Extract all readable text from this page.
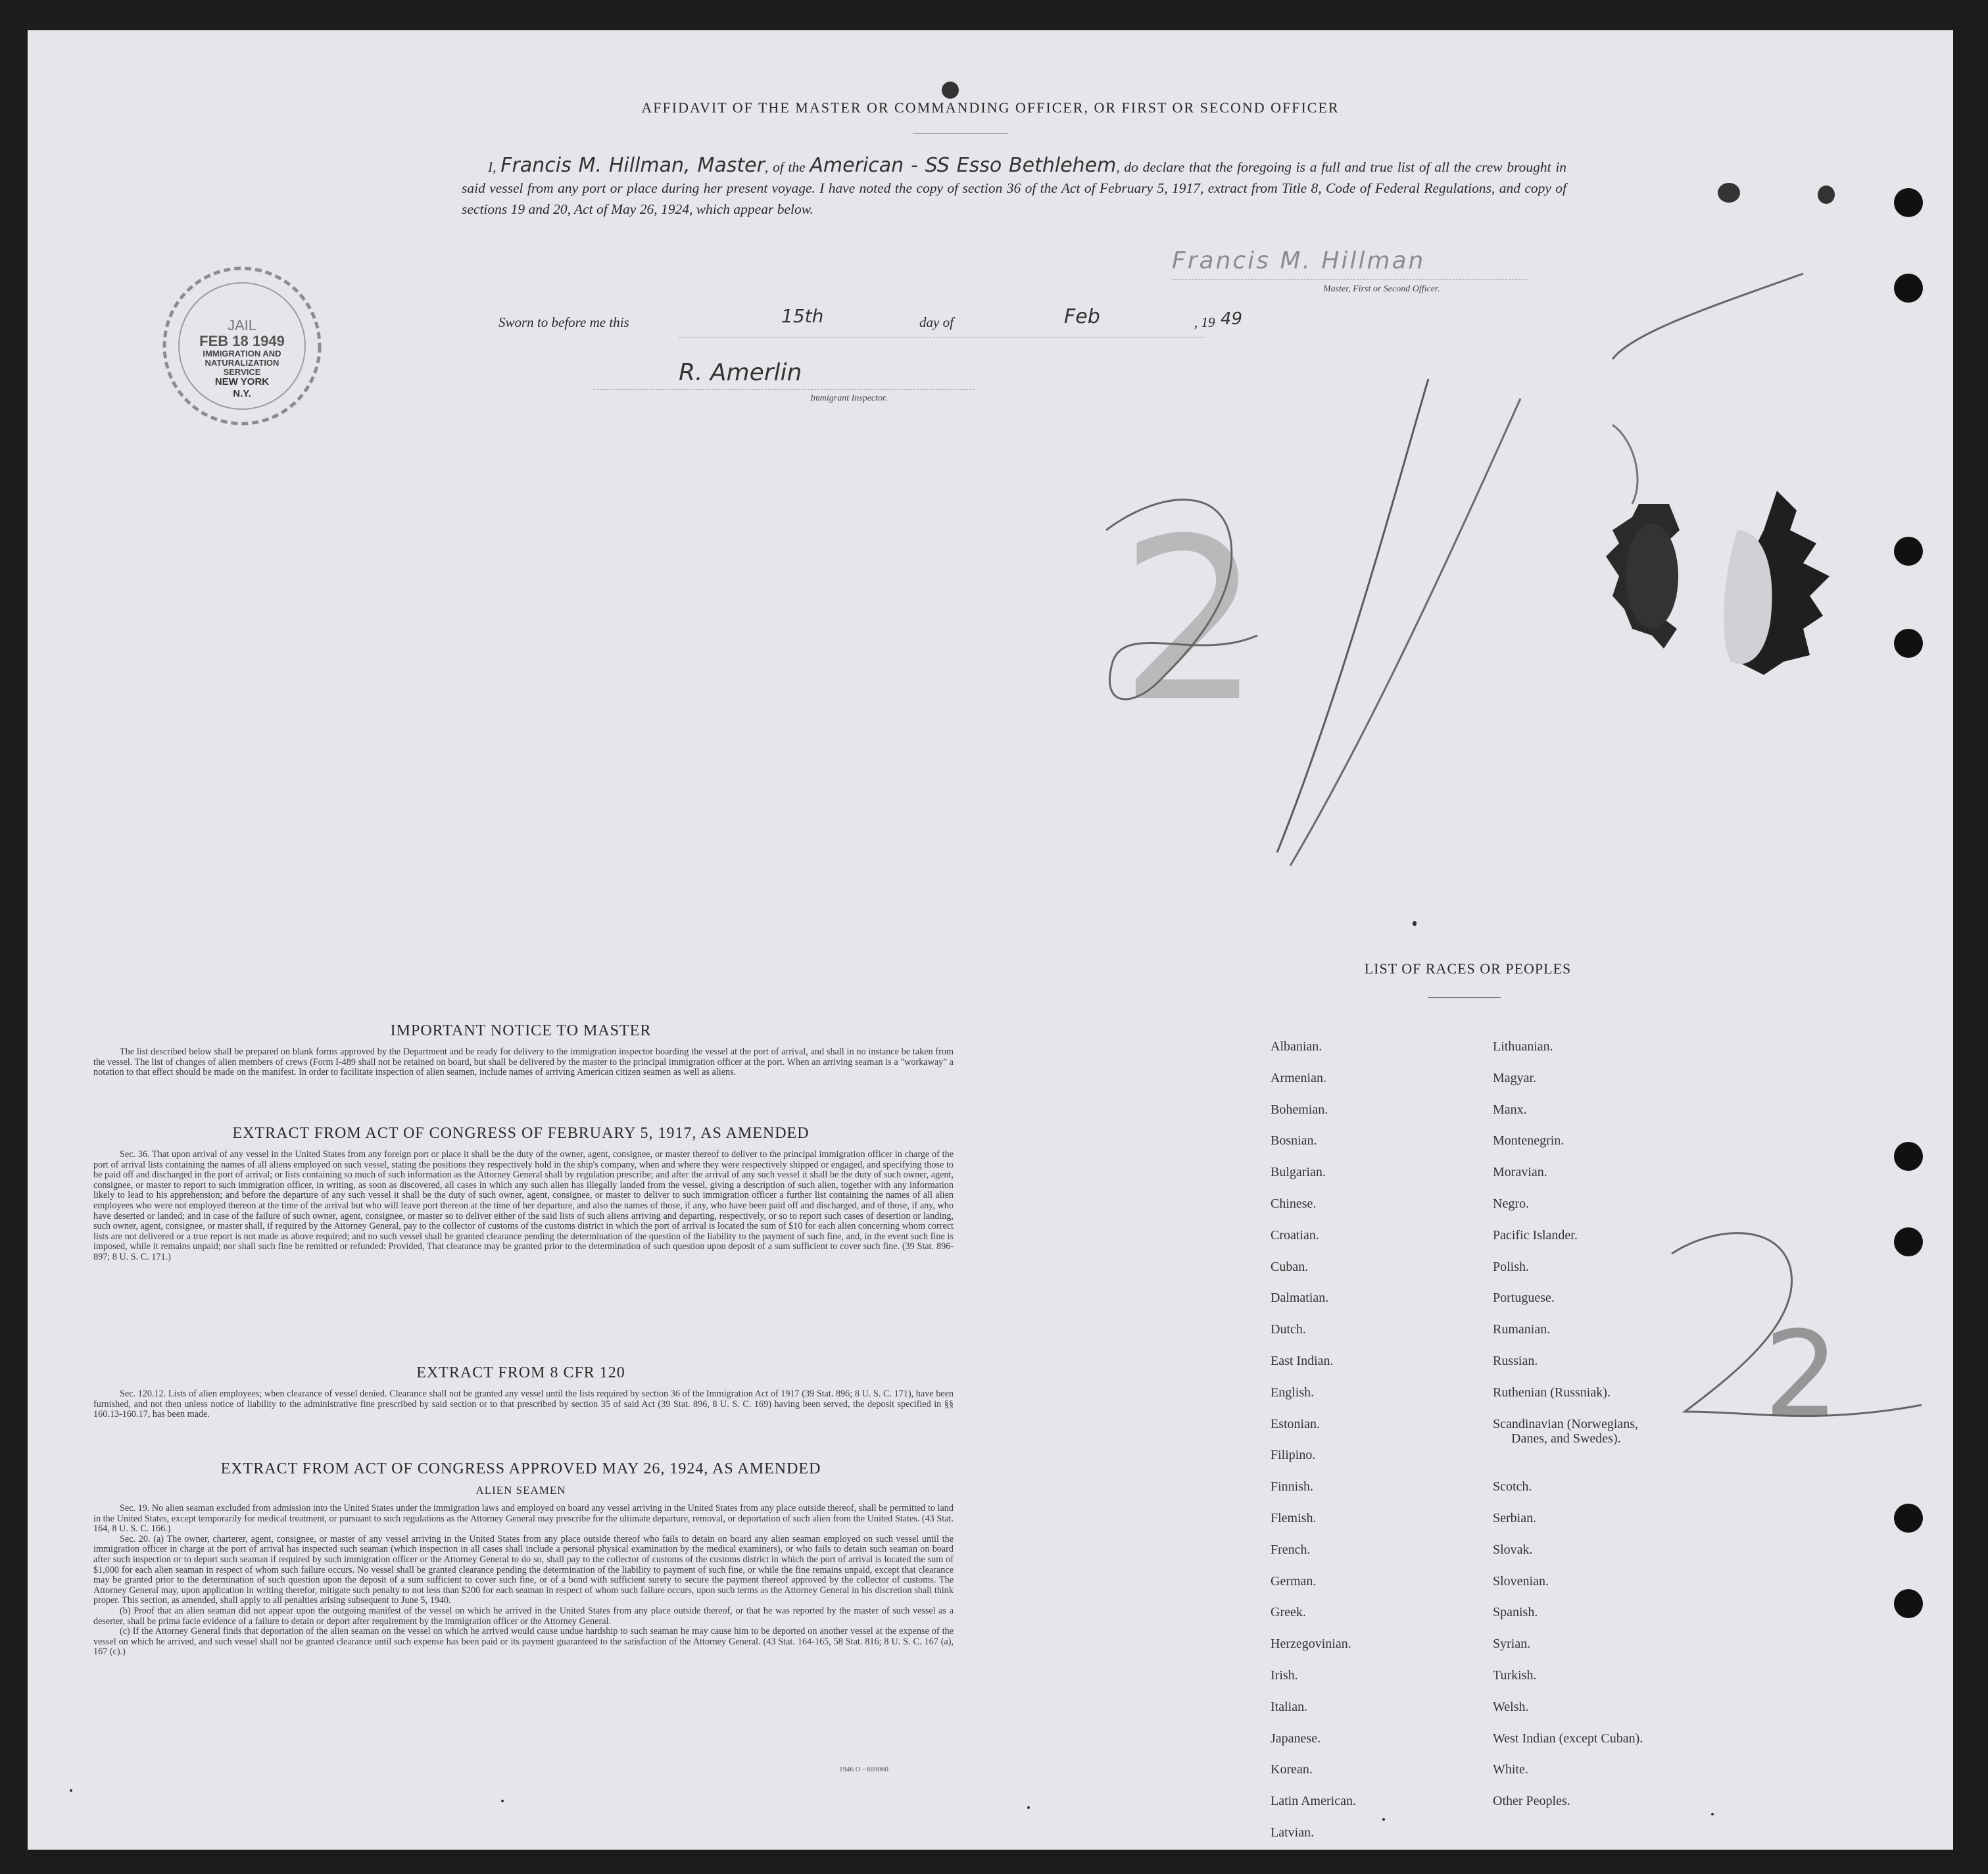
AFFIDAVIT OF THE MASTER OR COMMANDING OFFICER, OR FIRST OR SECOND OFFICER
I, Francis M. Hillman, Master, of the American - SS Esso Bethlehem, do declare that the foregoing is a full and true list of all the crew brought in said vessel from any port or place during her present voyage. I have noted the copy of section 36 of the Act of February 5, 1917, extract from Title 8, Code of Federal Regulations, and copy of sections 19 and 20, Act of May 26, 1924, which appear below.
Francis M. Hillman
Master, First or Second Officer.
Sworn to before me this	15th	day of	Feb	, 19 49
R. Amerlin
Immigrant Inspector.
JAIL
FEB 18 1949
IMMIGRATION AND
NATURALIZATION
SERVICE
NEW YORK
N.Y.
2
2
IMPORTANT NOTICE TO MASTER

The list described below shall be prepared on blank forms approved by the Department and be ready for delivery to the immigration inspector boarding the vessel at the port of arrival, and shall in no instance be taken from the vessel. The list of changes of alien members of crews (Form I-489 shall not be retained on board, but shall be delivered by the master to the principal immigration officer at the port. When an arriving seaman is a "workaway" a notation to that effect should be made on the manifest. In order to facilitate inspection of alien seamen, include names of arriving American citizen seamen as well as aliens.

EXTRACT FROM ACT OF CONGRESS OF FEBRUARY 5, 1917, AS AMENDED

Sec. 36. That upon arrival of any vessel in the United States from any foreign port or place it shall be the duty of the owner, agent, consignee, or master thereof to deliver to the principal immigration officer in charge of the port of arrival lists containing the names of all aliens employed on such vessel, stating the positions they respectively hold in the ship's company, when and where they were respectively shipped or engaged, and specifying those to be paid off and discharged in the port of arrival; or lists containing so much of such information as the Attorney General shall by regulation prescribe; and after the arrival of any such vessel it shall be the duty of such owner, agent, consignee, or master to report to such immigration officer, in writing, as soon as discovered, all cases in which any such alien has illegally landed from the vessel, giving a description of such alien, together with any information likely to lead to his apprehension; and before the departure of any such vessel it shall be the duty of such owner, agent, consignee, or master to deliver to such immigration officer a further list containing the names of all alien employees who were not employed thereon at the time of the arrival but who will leave port thereon at the time of her departure, and also the names of those, if any, who have been paid off and discharged, and of those, if any, who have deserted or landed; and in case of the failure of such owner, agent, consignee, or master so to deliver either of the said lists of such aliens arriving and departing, respectively, or so to report such cases of desertion or landing, such owner, agent, consignee, or master shall, if required by the Attorney General, pay to the collector of customs of the customs district in which the port of arrival is located the sum of $10 for each alien concerning whom correct lists are not delivered or a true report is not made as above required; and no such vessel shall be granted clearance pending the determination of the question of the liability to the payment of such fine, and, in the event such fine is imposed, while it remains unpaid; nor shall such fine be remitted or refunded: Provided, That clearance may be granted prior to the determination of such question upon deposit of a sum sufficient to cover such fine. (39 Stat. 896-897; 8 U. S. C. 171.)

EXTRACT FROM 8 CFR 120

Sec. 120.12. Lists of alien employees; when clearance of vessel denied. Clearance shall not be granted any vessel until the lists required by section 36 of the Immigration Act of 1917 (39 Stat. 896; 8 U. S. C. 171), have been furnished, and not then unless notice of liability to the administrative fine prescribed by said section or to that prescribed by section 35 of said Act (39 Stat. 896, 8 U. S. C. 169) having been served, the deposit specified in §§ 160.13-160.17, has been made.

EXTRACT FROM ACT OF CONGRESS APPROVED MAY 26, 1924, AS AMENDED
ALIEN SEAMEN

Sec. 19. No alien seaman excluded from admission into the United States under the immigration laws and employed on board any vessel arriving in the United States from any place outside thereof, shall be permitted to land in the United States, except temporarily for medical treatment, or pursuant to such regulations as the Attorney General may prescribe for the ultimate departure, removal, or deportation of such alien from the United States. (43 Stat. 164, 8 U. S. C. 166.)

Sec. 20. (a) The owner, charterer, agent, consignee, or master of any vessel arriving in the United States from any place outside thereof who fails to detain on board any alien seaman employed on such vessel until the immigration officer in charge at the port of arrival has inspected such seaman (which inspection in all cases shall include a personal physical examination by the medical examiners), or who fails to detain such seaman on board after such inspection or to deport such seaman if required by such immigration officer or the Attorney General to do so, shall pay to the collector of customs of the customs district in which the port of arrival is located the sum of $1,000 for each alien seaman in respect of whom such failure occurs. No vessel shall be granted clearance pending the determination of the liability to payment of such fine, or while the fine remains unpaid, except that clearance may be granted prior to the determination of such question upon the deposit of a sum sufficient to cover such fine, or of a bond with sufficient surety to secure the payment thereof approved by the collector of customs. The Attorney General may, upon application in writing therefor, mitigate such penalty to not less than $200 for each seaman in respect of whom such failure occurs, upon such terms as the Attorney General in his discretion shall think proper. This section, as amended, shall apply to all penalties arising subsequent to June 5, 1940.

(b) Proof that an alien seaman did not appear upon the outgoing manifest of the vessel on which he arrived in the United States from any place outside thereof, or that he was reported by the master of such vessel as a deserter, shall be prima facie evidence of a failure to detain or deport after requirement by the immigration officer or the Attorney General.

(c) If the Attorney General finds that deportation of the alien seaman on the vessel on which he arrived would cause undue hardship to such seaman he may cause him to be deported on another vessel at the expense of the vessel on which he arrived, and such vessel shall not be granted clearance until such expense has been paid or its payment guaranteed to the satisfaction of the Attorney General. (43 Stat. 164-165, 58 Stat. 816; 8 U. S. C. 167 (a), 167 (c).)

1946 O - 689060
LIST OF RACES OR PEOPLES
Albanian.
Armenian.
Bohemian.
Bosnian.
Bulgarian.
Chinese.
Croatian.
Cuban.
Dalmatian.
Dutch.
East Indian.
English.
Estonian.
Filipino.
Finnish.
Flemish.
French.
German.
Greek.
Herzegovinian.
Irish.
Italian.
Japanese.
Korean.
Latin American.
Latvian.
Lithuanian.
Magyar.
Manx.
Montenegrin.
Moravian.
Negro.
Pacific Islander.
Polish.
Portuguese.
Rumanian.
Russian.
Ruthenian (Russniak).
Scandinavian (Norwegians,
Danes, and Swedes).
Scotch.
Serbian.
Slovak.
Slovenian.
Spanish.
Syrian.
Turkish.
Welsh.
West Indian (except Cuban).
White.
Other Peoples.
